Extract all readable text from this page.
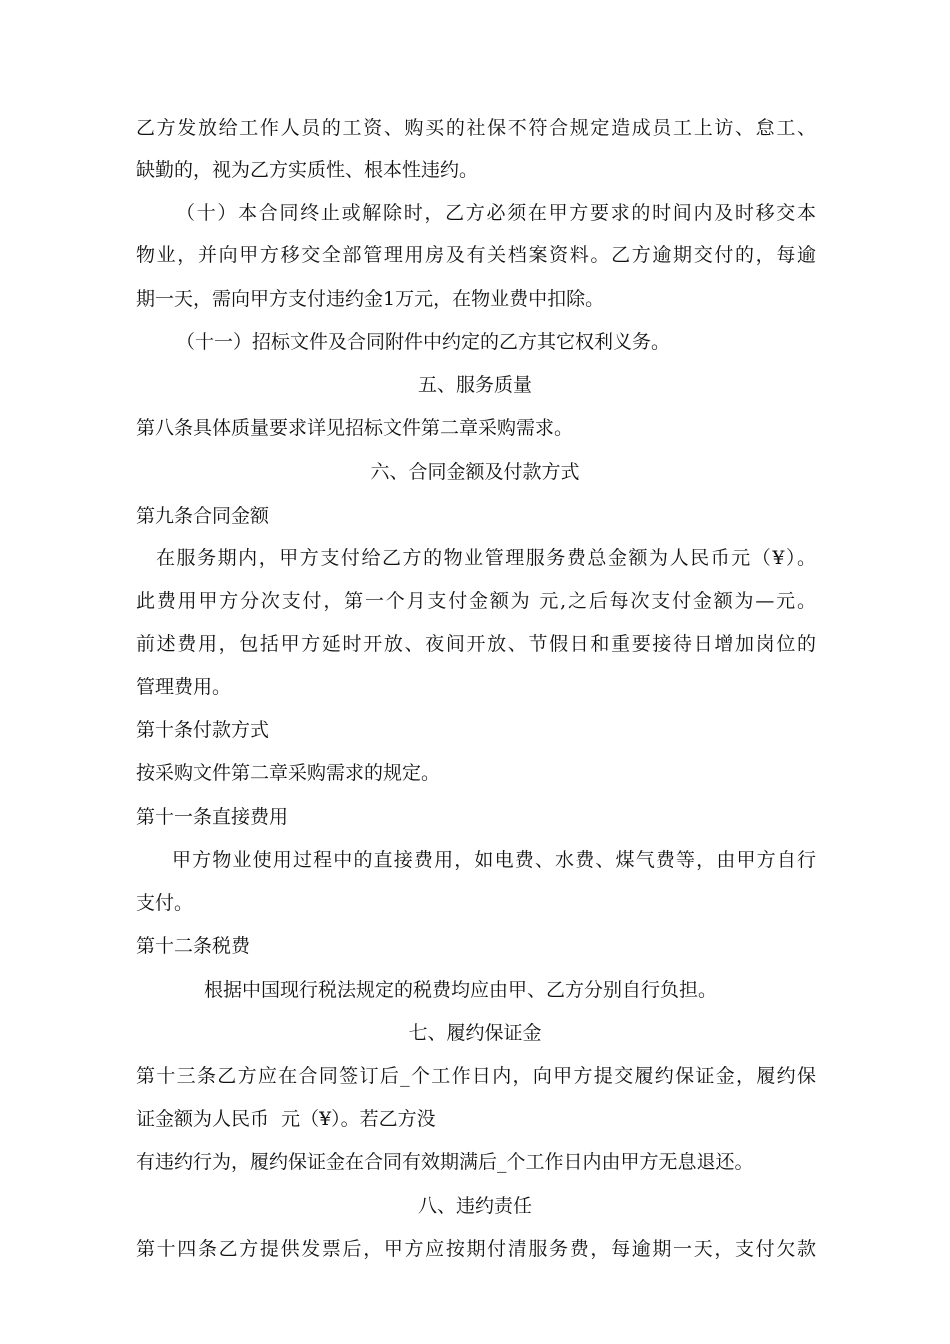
乙方发放给工作人员的工资、购买的社保不符合规定造成员工上访、怠工、
缺勤的，视为乙方实质性、根本性违约。
（十）本合同终止或解除时，乙方必须在甲方要求的时间内及时移交本
物业，并向甲方移交全部管理用房及有关档案资料。乙方逾期交付的，每逾
期一天，需向甲方支付违约金1万元，在物业费中扣除。
（十一）招标文件及合同附件中约定的乙方其它权利义务。
五、服务质量
第八条具体质量要求详见招标文件第二章采购需求。
六、合同金额及付款方式
第九条合同金额
在服务期内，甲方支付给乙方的物业管理服务费总金额为人民币元（¥）。
此费用甲方分次支付，第一个月支付金额为 元,之后每次支付金额为—元。
前述费用，包括甲方延时开放、夜间开放、节假日和重要接待日增加岗位的
管理费用。
第十条付款方式
按采购文件第二章采购需求的规定。
第十一条直接费用
甲方物业使用过程中的直接费用，如电费、水费、煤气费等，由甲方自行
支付。
第十二条税费
根据中国现行税法规定的税费均应由甲、乙方分别自行负担。
七、履约保证金
第十三条乙方应在合同签订后_个工作日内，向甲方提交履约保证金，履约保
证金额为人民币  元（¥）。若乙方没
有违约行为，履约保证金在合同有效期满后_个工作日内由甲方无息退还。
八、违约责任
第十四条乙方提供发票后，甲方应按期付清服务费，每逾期一天，支付欠款
